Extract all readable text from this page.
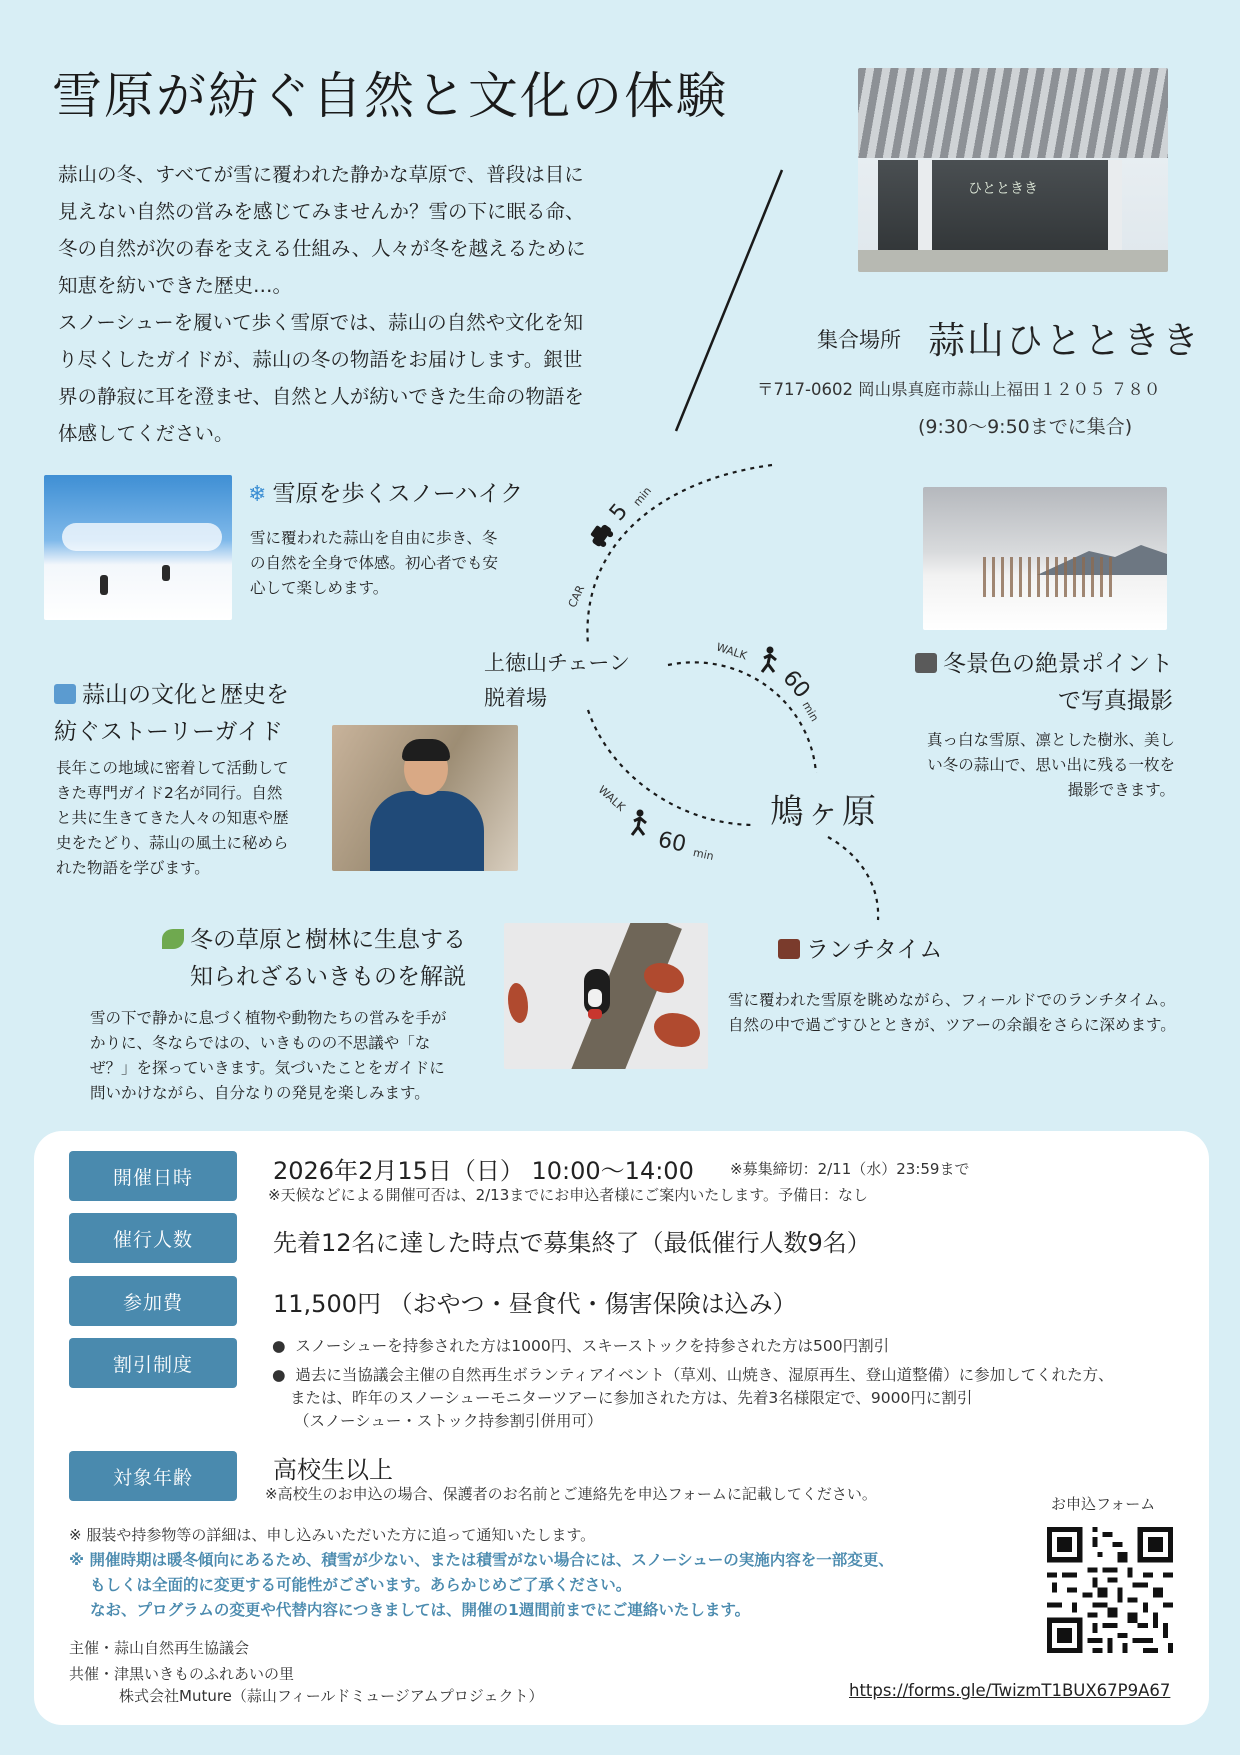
雪原が紡ぐ自然と文化の体験

蒜山の冬、すべてが雪に覆われた静かな草原で、普段は目に

見えない自然の営みを感じてみませんか？雪の下に眠る命、

冬の自然が次の春を支える仕組み、人々が冬を越えるために

知恵を紡いできた歴史…。

スノーシューを履いて歩く雪原では、蒜山の自然や文化を知

り尽くしたガイドが、蒜山の冬の物語をお届けします。銀世

界の静寂に耳を澄ませ、自然と人が紡いできた生命の物語を

体感してください。

ひとときき
集合場所 蒜山ひとときき
〒717-0602 岡山県真庭市蒜山上福田１２０５ ７８０
(9:30〜9:50までに集合)
❄ 雪原を歩くスノーハイク
雪に覆われた蒜山を自由に歩き、冬
の自然を全身で体感。初心者でも安
心して楽しめます。
冬景色の絶景ポイント
で写真撮影
真っ白な雪原、凛とした樹氷、美し
い冬の蒜山で、思い出に残る一枚を
撮影できます。
蒜山の文化と歴史を
紡ぐストーリーガイド
長年この地域に密着して活動して
きた専門ガイド2名が同行。自然
と共に生きてきた人々の知恵や歴
史をたどり、蒜山の風土に秘めら
れた物語を学びます。
CAR
5
min
WALK
60
min
WALK
60 min
上徳山チェーン
脱着場
鳩ヶ原
冬の草原と樹林に生息する
知られざるいきものを解説
雪の下で静かに息づく植物や動物たちの営みを手が
かりに、冬ならではの、いきものの不思議や「な
ぜ？」を探っていきます。気づいたことをガイドに
問いかけながら、自分なりの発見を楽しみます。
ランチタイム
雪に覆われた雪原を眺めながら、フィールドでのランチタイム。
自然の中で過ごすひとときが、ツアーの余韻をさらに深めます。
開催日時	2026年2月15日（日） 10:00〜14:00 ※募集締切：2/11（水）23:59まで
※天候などによる開催可否は、2/13までにお申込者様にご案内いたします。予備日：なし
催行人数	先着12名に達した時点で募集終了（最低催行人数9名）
参加費	11,500円 （おやつ・昼食代・傷害保険は込み）
割引制度
●  スノーシューを持参された方は1000円、スキーストックを持参された方は500円割引
●  過去に当協議会主催の自然再生ボランティアイベント（草刈、山焼き、湿原再生、登山道整備）に参加してくれた方、
または、昨年のスノーシューモニターツアーに参加された方は、先着3名様限定で、9000円に割引
（スノーシュー・ストック持参割引併用可）
対象年齢	高校生以上
※高校生のお申込の場合、保護者のお名前とご連絡先を申込フォームに記載してください。
※ 服装や持参物等の詳細は、申し込みいただいた方に追って通知いたします。
※ 開催時期は暖冬傾向にあるため、積雪が少ない、または積雪がない場合には、スノーシューの実施内容を一部変更、
もしくは全面的に変更する可能性がございます。あらかじめご了承ください。
なお、プログラムの変更や代替内容につきましては、開催の1週間前までにご連絡いたします。
主催・蒜山自然再生協議会
共催・津黒いきものふれあいの里
株式会社Muture（蒜山フィールドミュージアムプロジェクト）
お申込フォーム
https://forms.gle/TwizmT1BUX67P9A67
